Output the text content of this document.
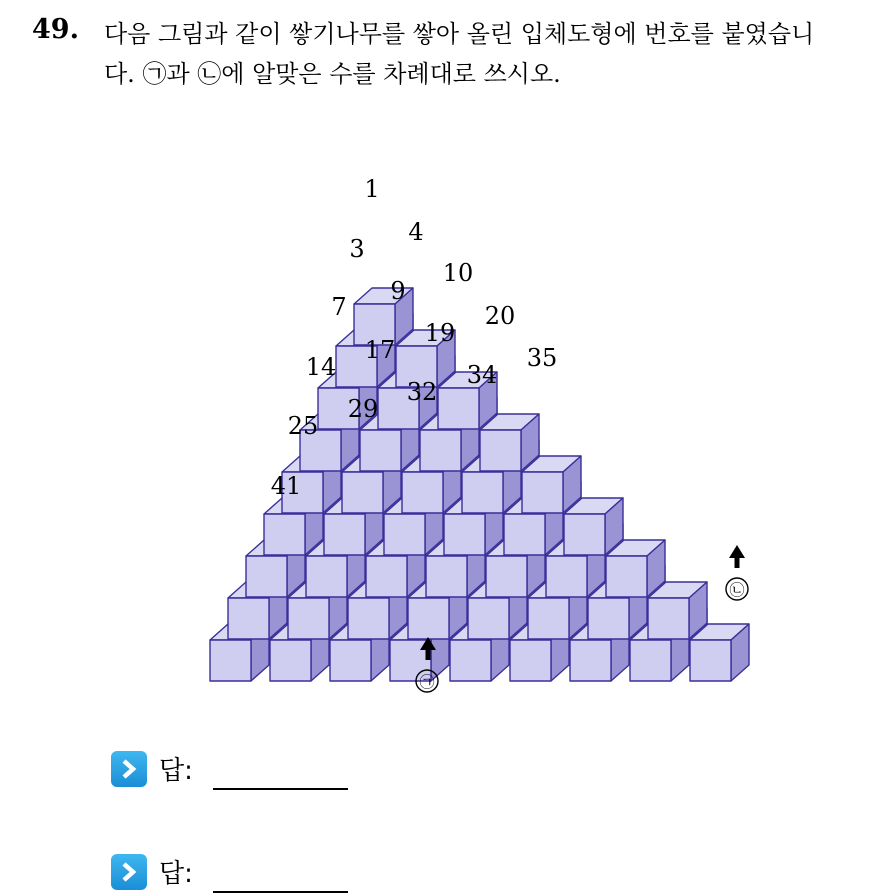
49. 다음 그림과 같이 쌓기나무를 쌓아 올린 입체도형에 번호를 붙였습니
다. ㉠과 ㉡에 알맞은 수를 차례대로 쓰시오.
1
3
4
7
9
10
14
17
19
20
25
29
32
34
35
41
㉠
㉡
답:
답:
